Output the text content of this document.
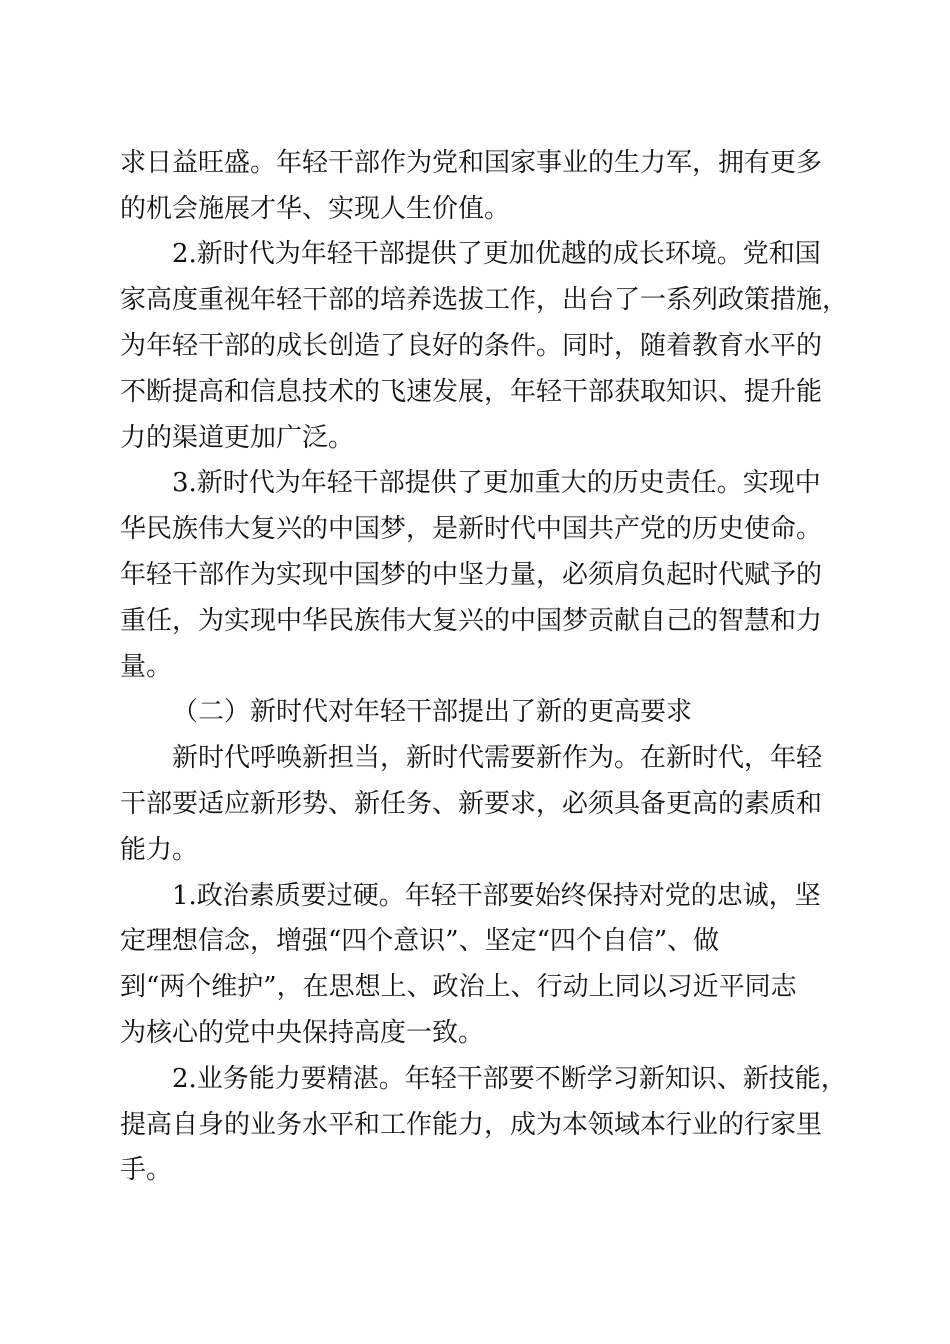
求日益旺盛。年轻干部作为党和国家事业的生力军，拥有更多
的机会施展才华、实现人生价值。
2.新时代为年轻干部提供了更加优越的成长环境。党和国
家高度重视年轻干部的培养选拔工作，出台了一系列政策措施，
为年轻干部的成长创造了良好的条件。同时，随着教育水平的
不断提高和信息技术的飞速发展，年轻干部获取知识、提升能
力的渠道更加广泛。
3.新时代为年轻干部提供了更加重大的历史责任。实现中
华民族伟大复兴的中国梦，是新时代中国共产党的历史使命。
年轻干部作为实现中国梦的中坚力量，必须肩负起时代赋予的
重任，为实现中华民族伟大复兴的中国梦贡献自己的智慧和力
量。
（二）新时代对年轻干部提出了新的更高要求
新时代呼唤新担当，新时代需要新作为。在新时代，年轻
干部要适应新形势、新任务、新要求，必须具备更高的素质和
能力。
1.政治素质要过硬。年轻干部要始终保持对党的忠诚，坚
定理想信念，增强“四个意识”、坚定“四个自信”、做
到“两个维护”，在思想上、政治上、行动上同以习近平同志
为核心的党中央保持高度一致。
2.业务能力要精湛。年轻干部要不断学习新知识、新技能，
提高自身的业务水平和工作能力，成为本领域本行业的行家里
手。
